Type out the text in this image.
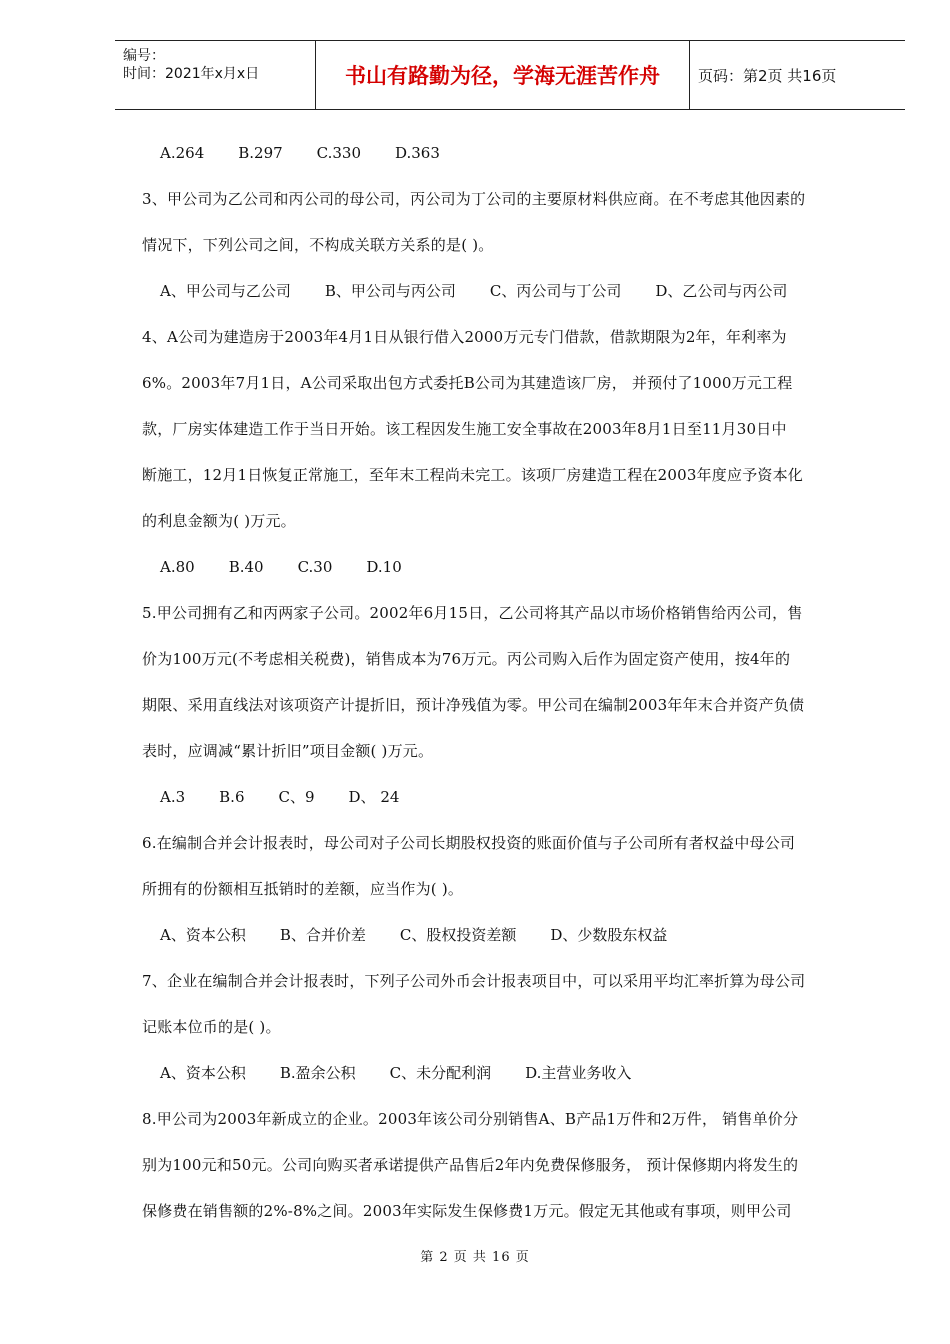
编号：
时间：2021年x月x日	书山有路勤为径，学海无涯苦作舟	页码：第2页 共16页

A.264 B.297 C.330 D.363

3、甲公司为乙公司和丙公司的母公司，丙公司为丁公司的主要原材料供应商。在不考虑其他因素的

情况下，下列公司之间，不构成关联方关系的是( )。

A、甲公司与乙公司 B、甲公司与丙公司 C、丙公司与丁公司 D、乙公司与丙公司

4、A公司为建造房于2003年4月1日从银行借入2000万元专门借款，借款期限为2年，年利率为

6%。2003年7月1日，A公司采取出包方式委托B公司为其建造该厂房， 并预付了1000万元工程

款，厂房实体建造工作于当日开始。该工程因发生施工安全事故在2003年8月1日至11月30日中

断施工，12月1日恢复正常施工，至年末工程尚未完工。该项厂房建造工程在2003年度应予资本化

的利息金额为( )万元。

A.80 B.40 C.30 D.10

5.甲公司拥有乙和丙两家子公司。2002年6月15日，乙公司将其产品以市场价格销售给丙公司，售

价为100万元(不考虑相关税费)，销售成本为76万元。丙公司购入后作为固定资产使用，按4年的

期限、采用直线法对该项资产计提折旧，预计净残值为零。甲公司在编制2003年年末合并资产负债

表时，应调减“累计折旧”项目金额( )万元。

A.3 B.6 C、9 D、 24

6.在编制合并会计报表时，母公司对子公司长期股权投资的账面价值与子公司所有者权益中母公司

所拥有的份额相互抵销时的差额，应当作为( )。

A、资本公积 B、合并价差 C、股权投资差额 D、少数股东权益

7、企业在编制合并会计报表时，下列子公司外币会计报表项目中，可以采用平均汇率折算为母公司

记账本位币的是( )。

A、资本公积 B.盈余公积 C、未分配利润 D.主营业务收入

8.甲公司为2003年新成立的企业。2003年该公司分别销售A、B产品1万件和2万件， 销售单价分

别为100元和50元。公司向购买者承诺提供产品售后2年内免费保修服务， 预计保修期内将发生的

保修费在销售额的2%-8%之间。2003年实际发生保修费1万元。假定无其他或有事项，则甲公司

第 2 页 共 16 页
